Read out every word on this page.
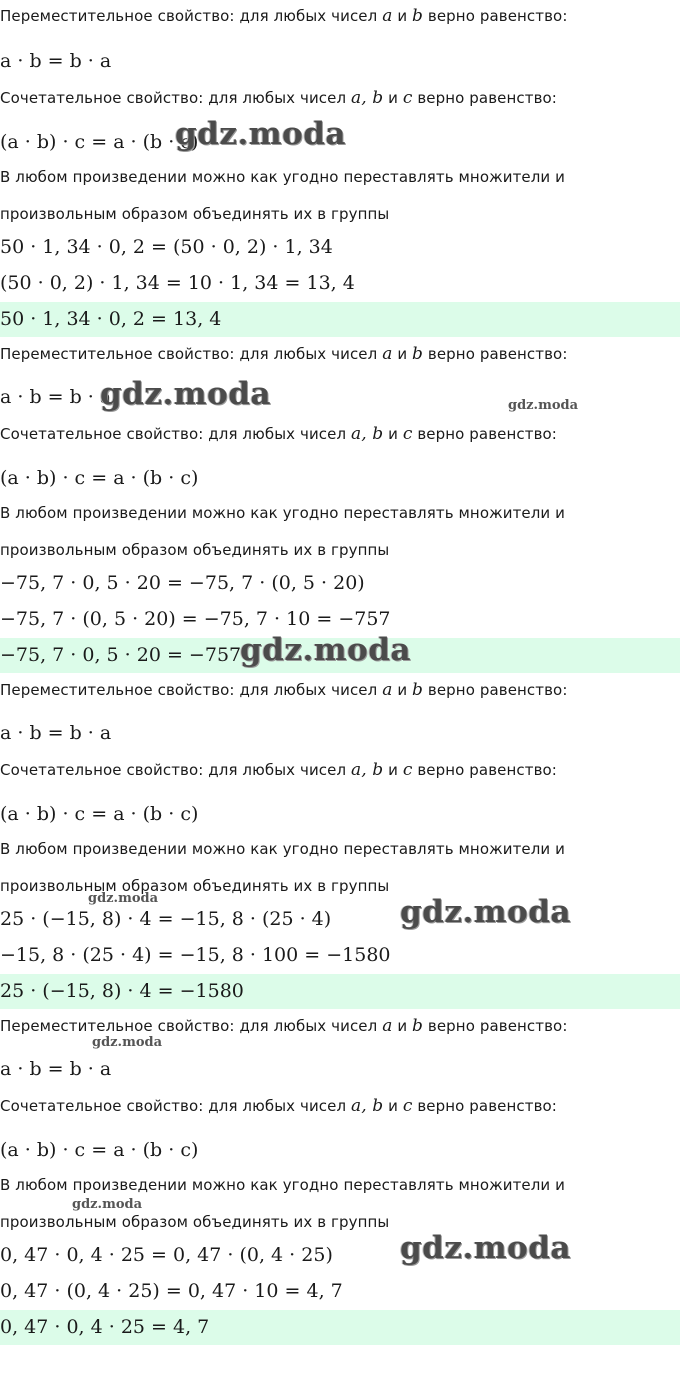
Переместительное свойство: для любых чисел a и b верно равенство:
a · b = b · a
Сочетательное свойство: для любых чисел a, b и c верно равенство:
(a · b) · c = a · (b · c)
В любом произведении можно как угодно переставлять множители и
произвольным образом объединять их в группы
50 · 1, 34 · 0, 2 = (50 · 0, 2) · 1, 34
(50 · 0, 2) · 1, 34 = 10 · 1, 34 = 13, 4
50 · 1, 34 · 0, 2 = 13, 4
Переместительное свойство: для любых чисел a и b верно равенство:
a · b = b · a
Сочетательное свойство: для любых чисел a, b и c верно равенство:
(a · b) · c = a · (b · c)
В любом произведении можно как угодно переставлять множители и
произвольным образом объединять их в группы
−75, 7 · 0, 5 · 20 = −75, 7 · (0, 5 · 20)
−75, 7 · (0, 5 · 20) = −75, 7 · 10 = −757
−75, 7 · 0, 5 · 20 = −757
Переместительное свойство: для любых чисел a и b верно равенство:
a · b = b · a
Сочетательное свойство: для любых чисел a, b и c верно равенство:
(a · b) · c = a · (b · c)
В любом произведении можно как угодно переставлять множители и
произвольным образом объединять их в группы
25 · (−15, 8) · 4 = −15, 8 · (25 · 4)
−15, 8 · (25 · 4) = −15, 8 · 100 = −1580
25 · (−15, 8) · 4 = −1580
Переместительное свойство: для любых чисел a и b верно равенство:
a · b = b · a
Сочетательное свойство: для любых чисел a, b и c верно равенство:
(a · b) · c = a · (b · c)
В любом произведении можно как угодно переставлять множители и
произвольным образом объединять их в группы
0, 47 · 0, 4 · 25 = 0, 47 · (0, 4 · 25)
0, 47 · (0, 4 · 25) = 0, 47 · 10 = 4, 7
0, 47 · 0, 4 · 25 = 4, 7
gdz.moda
gdz.moda	gdz.moda
gdz.moda
gdz.moda	gdz.moda
gdz.moda
gdz.moda
gdz.moda
